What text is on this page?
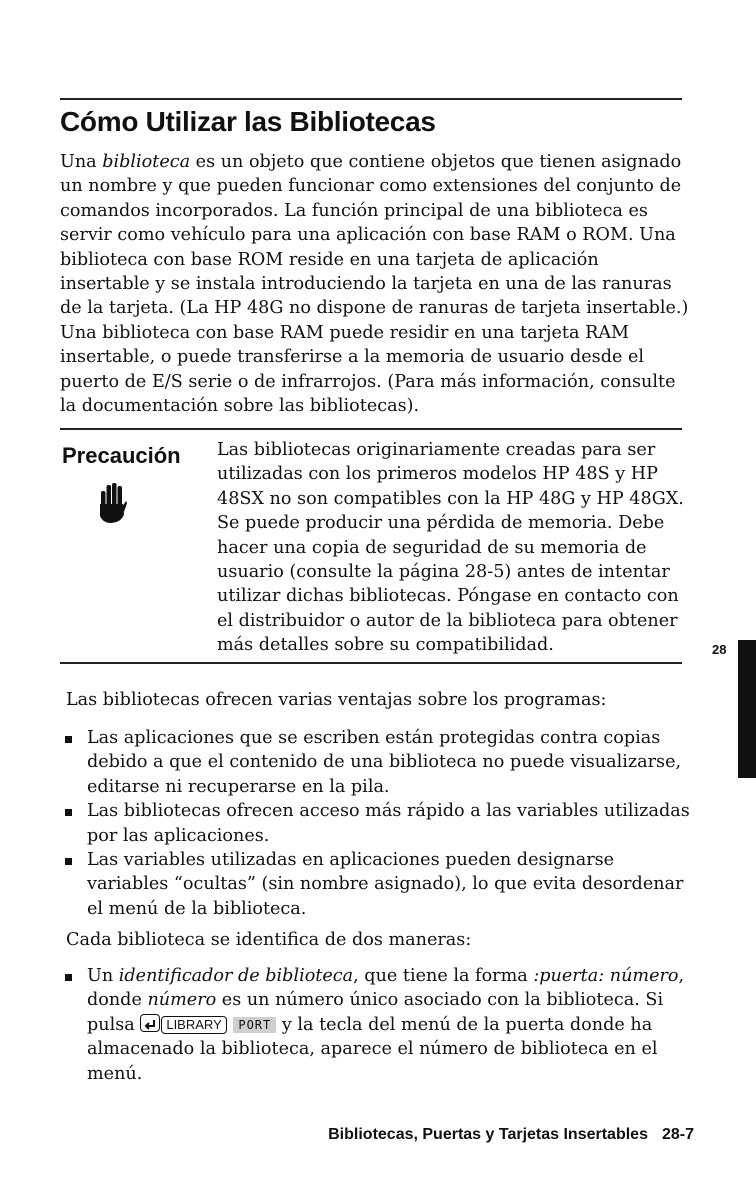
Cómo Utilizar las Bibliotecas

Una biblioteca es un objeto que contiene objetos que tienen asignado un nombre y que pueden funcionar como extensiones del conjunto de comandos incorporados. La función principal de una biblioteca es servir como vehículo para una aplicación con base RAM o ROM. Una biblioteca con base ROM reside en una tarjeta de aplicación insertable y se instala introduciendo la tarjeta en una de las ranuras de la tarjeta. (La HP 48G no dispone de ranuras de tarjeta insertable.) Una biblioteca con base RAM puede residir en una tarjeta RAM insertable, o puede transferirse a la memoria de usuario desde el puerto de E/S serie o de infrarrojos. (Para más información, consulte la documentación sobre las bibliotecas).

Precaución Las bibliotecas originariamente creadas para ser utilizadas con los primeros modelos HP 48S y HP 48SX no son compatibles con la HP 48G y HP 48GX. Se puede producir una pérdida de memoria. Debe hacer una copia de seguridad de su memoria de usuario (consulte la página 28-5) antes de intentar utilizar dichas bibliotecas. Póngase en contacto con el distribuidor o autor de la biblioteca para obtener más detalles sobre su compatibilidad.	28

Las bibliotecas ofrecen varias ventajas sobre los programas:

Las aplicaciones que se escriben están protegidas contra copias debido a que el contenido de una biblioteca no puede visualizarse, editarse ni recuperarse en la pila.
Las bibliotecas ofrecen acceso más rápido a las variables utilizadas por las aplicaciones.
Las variables utilizadas en aplicaciones pueden designarse variables “ocultas” (sin nombre asignado), lo que evita desordenar el menú de la biblioteca.

Cada biblioteca se identifica de dos maneras:

Un identificador de biblioteca, que tiene la forma :puerta: número, donde número es un número único asociado con la biblioteca. Si pulsa LIBRARY PORT y la tecla del menú de la puerta donde ha almacenado la biblioteca, aparece el número de biblioteca en el menú.
Bibliotecas, Puertas y Tarjetas Insertables 28-7
